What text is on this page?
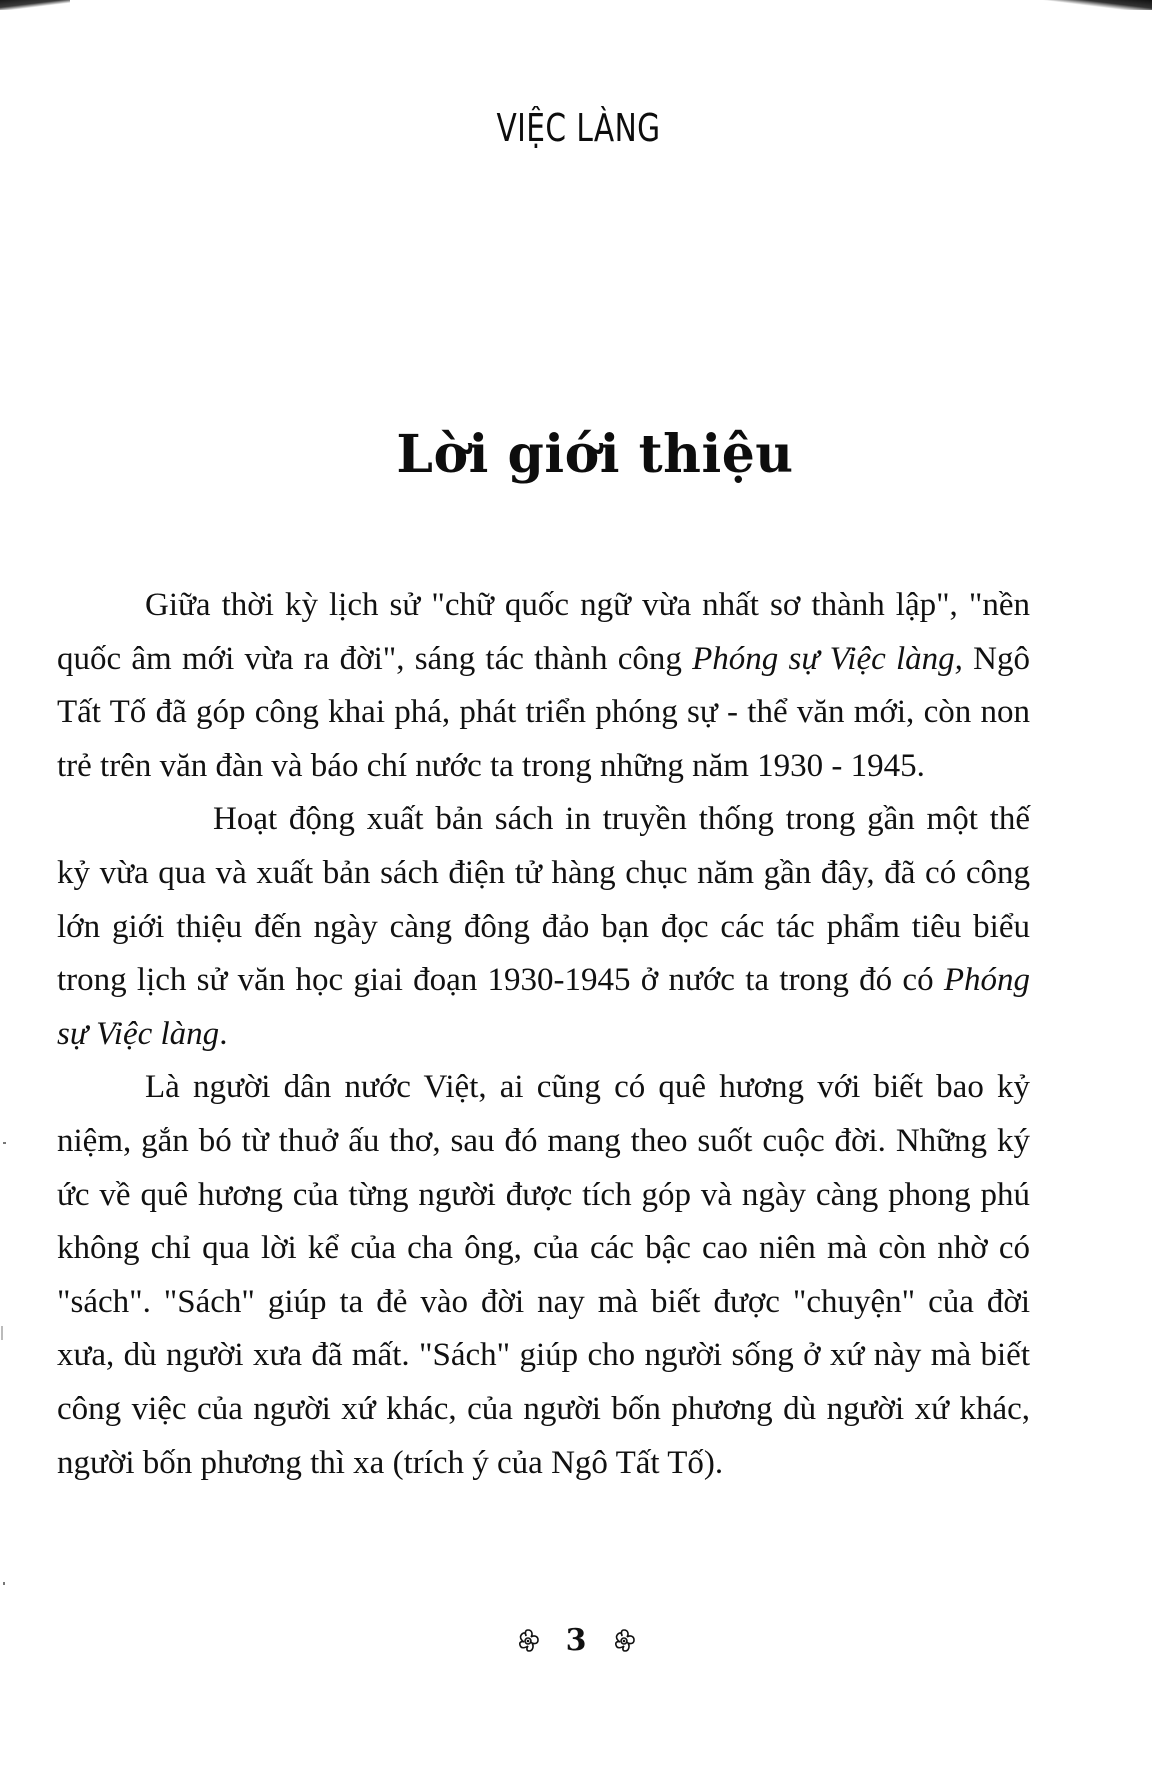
VIỆC LÀNG
Lời giới thiệu

Giữa thời kỳ lịch sử "chữ quốc ngữ vừa nhất sơ thành lập", "nền quốc âm mới vừa ra đời", sáng tác thành công Phóng sự Việc làng, Ngô Tất Tố đã góp công khai phá, phát triển phóng sự - thể văn mới, còn non trẻ trên văn đàn và báo chí nước ta trong những năm 1930 - 1945.

Hoạt động xuất bản sách in truyền thống trong gần một thế kỷ vừa qua và xuất bản sách điện tử hàng chục năm gần đây, đã có công lớn giới thiệu đến ngày càng đông đảo bạn đọc các tác phẩm tiêu biểu trong lịch sử văn học giai đoạn 1930-1945 ở nước ta trong đó có Phóng sự Việc làng.

Là người dân nước Việt, ai cũng có quê hương với biết bao kỷ niệm, gắn bó từ thuở ấu thơ, sau đó mang theo suốt cuộc đời. Những ký ức về quê hương của từng người được tích góp và ngày càng phong phú không chỉ qua lời kể của cha ông, của các bậc cao niên mà còn nhờ có "sách". "Sách" giúp ta đẻ vào đời nay mà biết được "chuyện" của đời xưa, dù người xưa đã mất. "Sách" giúp cho người sống ở xứ này mà biết công việc của người xứ khác, của người bốn phương dù người xứ khác, người bốn phương thì xa (trích ý của Ngô Tất Tố).

3
